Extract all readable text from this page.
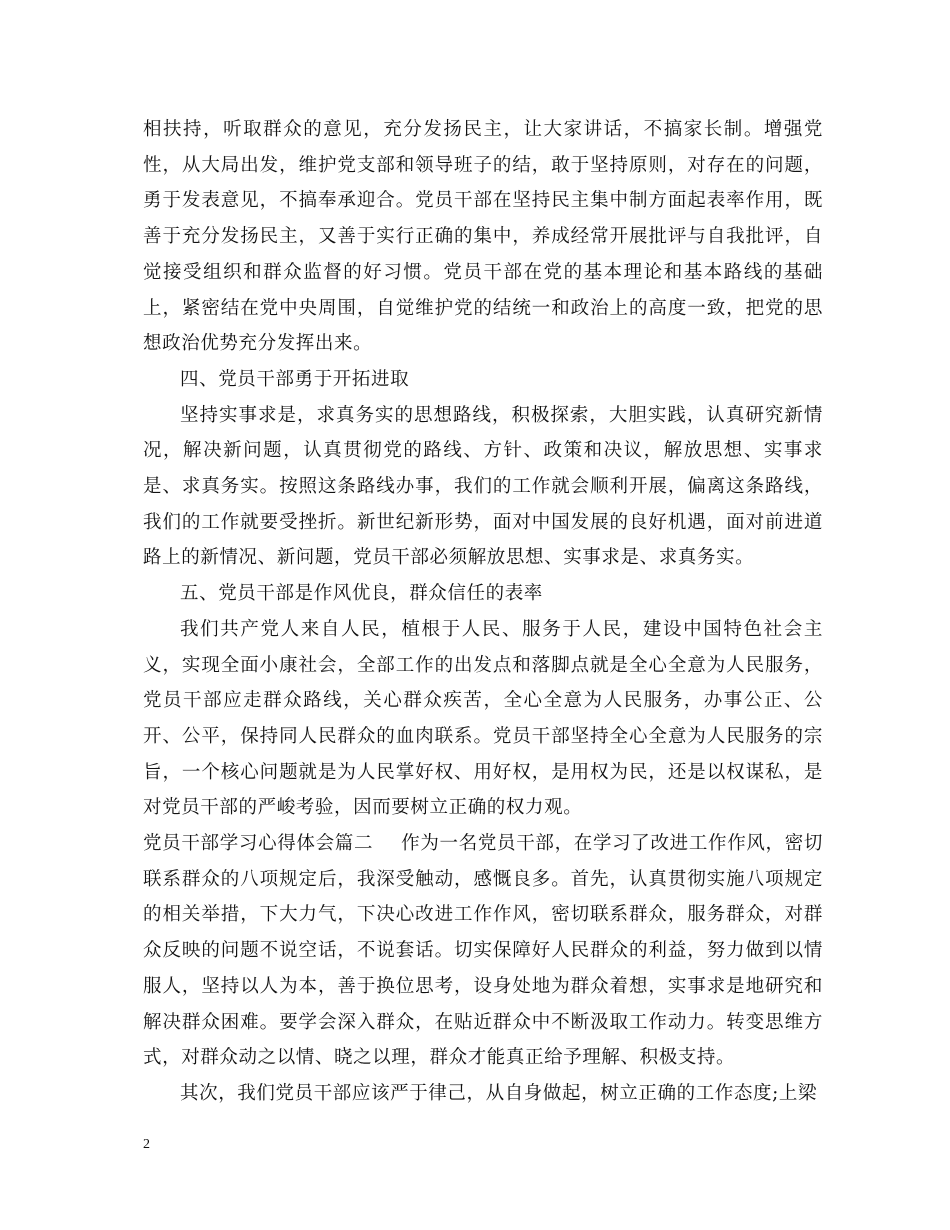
相扶持，听取群众的意见，充分发扬民主，让大家讲话，不搞家长制。增强党性，从大局出发，维护党支部和领导班子的结，敢于坚持原则，对存在的问题，勇于发表意见，不搞奉承迎合。党员干部在坚持民主集中制方面起表率作用，既善于充分发扬民主，又善于实行正确的集中，养成经常开展批评与自我批评，自觉接受组织和群众监督的好习惯。党员干部在党的基本理论和基本路线的基础上，紧密结在党中央周围，自觉维护党的结统一和政治上的高度一致，把党的思想政治优势充分发挥出来。

四、党员干部勇于开拓进取

坚持实事求是，求真务实的思想路线，积极探索，大胆实践，认真研究新情况，解决新问题，认真贯彻党的路线、方针、政策和决议，解放思想、实事求是、求真务实。按照这条路线办事，我们的工作就会顺利开展，偏离这条路线，我们的工作就要受挫折。新世纪新形势，面对中国发展的良好机遇，面对前进道路上的新情况、新问题，党员干部必须解放思想、实事求是、求真务实。

五、党员干部是作风优良，群众信任的表率

我们共产党人来自人民，植根于人民、服务于人民，建设中国特色社会主义，实现全面小康社会，全部工作的出发点和落脚点就是全心全意为人民服务，党员干部应走群众路线，关心群众疾苦，全心全意为人民服务，办事公正、公开、公平，保持同人民群众的血肉联系。党员干部坚持全心全意为人民服务的宗旨，一个核心问题就是为人民掌好权、用好权，是用权为民，还是以权谋私，是对党员干部的严峻考验，因而要树立正确的权力观。

党员干部学习心得体会篇二 作为一名党员干部，在学习了改进工作作风，密切联系群众的八项规定后，我深受触动，感慨良多。首先，认真贯彻实施八项规定的相关举措，下大力气，下决心改进工作作风，密切联系群众，服务群众，对群众反映的问题不说空话，不说套话。切实保障好人民群众的利益，努力做到以情服人，坚持以人为本，善于换位思考，设身处地为群众着想，实事求是地研究和解决群众困难。要学会深入群众，在贴近群众中不断汲取工作动力。转变思维方式，对群众动之以情、晓之以理，群众才能真正给予理解、积极支持。

其次，我们党员干部应该严于律己，从自身做起，树立正确的工作态度;上梁

2
